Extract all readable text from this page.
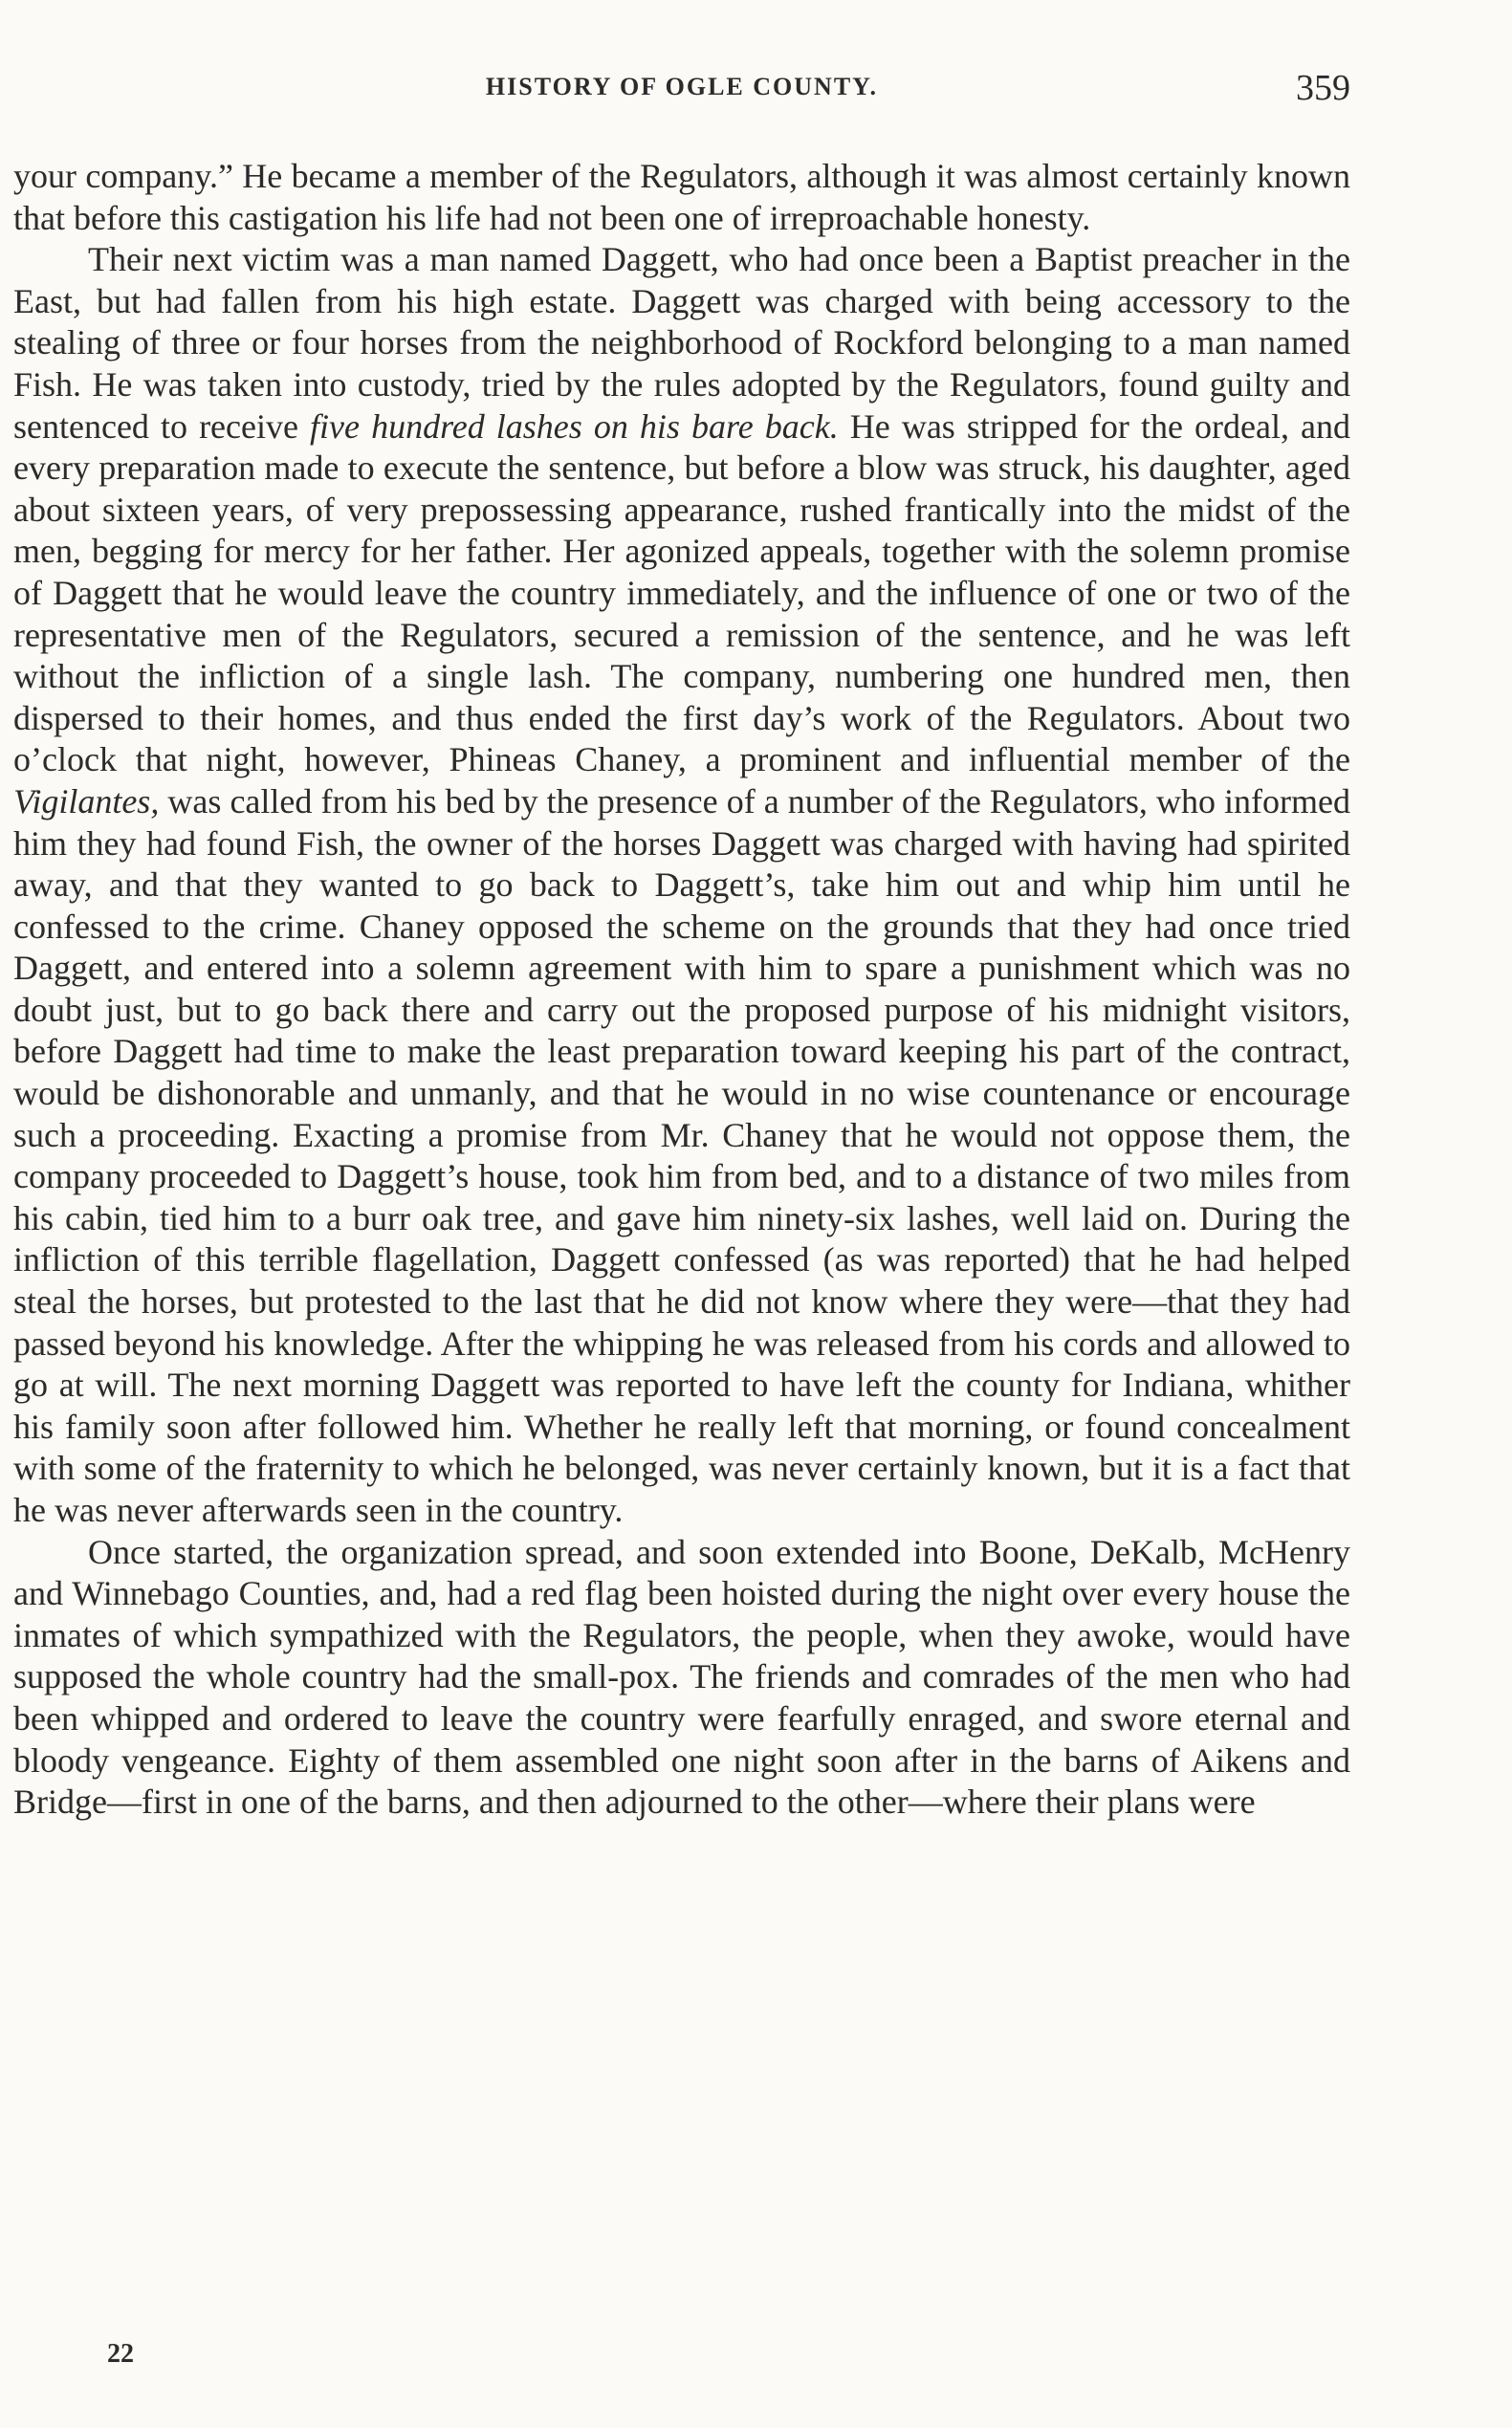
HISTORY OF OGLE COUNTY.	359

your company.” He became a member of the Regulators, although it was almost certainly known that before this castigation his life had not been one of irreproachable honesty.

Their next victim was a man named Daggett, who had once been a Baptist preacher in the East, but had fallen from his high estate. Daggett was charged with being accessory to the stealing of three or four horses from the neighborhood of Rockford belonging to a man named Fish. He was taken into custody, tried by the rules adopted by the Regulators, found guilty and sentenced to receive five hundred lashes on his bare back. He was stripped for the ordeal, and every preparation made to execute the sentence, but before a blow was struck, his daughter, aged about sixteen years, of very prepossessing appearance, rushed frantically into the midst of the men, begging for mercy for her father. Her agonized appeals, together with the solemn promise of Daggett that he would leave the country immediately, and the influence of one or two of the representative men of the Regulators, secured a remission of the sentence, and he was left without the infliction of a single lash. The company, numbering one hundred men, then dispersed to their homes, and thus ended the first day’s work of the Regulators. About two o’clock that night, however, Phineas Chaney, a prominent and influential member of the Vigilantes, was called from his bed by the presence of a number of the Regulators, who informed him they had found Fish, the owner of the horses Daggett was charged with having had spirited away, and that they wanted to go back to Daggett’s, take him out and whip him until he confessed to the crime. Chaney opposed the scheme on the grounds that they had once tried Daggett, and entered into a solemn agreement with him to spare a punishment which was no doubt just, but to go back there and carry out the proposed purpose of his midnight visitors, before Daggett had time to make the least preparation toward keeping his part of the contract, would be dishonorable and unmanly, and that he would in no wise countenance or encourage such a proceeding. Exacting a promise from Mr. Chaney that he would not oppose them, the company proceeded to Daggett’s house, took him from bed, and to a distance of two miles from his cabin, tied him to a burr oak tree, and gave him ninety-six lashes, well laid on. During the infliction of this terrible flagellation, Daggett confessed (as was reported) that he had helped steal the horses, but protested to the last that he did not know where they were—that they had passed beyond his knowledge. After the whipping he was released from his cords and allowed to go at will. The next morning Daggett was reported to have left the county for Indiana, whither his family soon after followed him. Whether he really left that morning, or found concealment with some of the fraternity to which he belonged, was never certainly known, but it is a fact that he was never afterwards seen in the country.

Once started, the organization spread, and soon extended into Boone, DeKalb, McHenry and Winnebago Counties, and, had a red flag been hoisted during the night over every house the inmates of which sympathized with the Regulators, the people, when they awoke, would have supposed the whole country had the small-pox. The friends and comrades of the men who had been whipped and ordered to leave the country were fearfully enraged, and swore eternal and bloody vengeance. Eighty of them assembled one night soon after in the barns of Aikens and Bridge—first in one of the barns, and then adjourned to the other—where their plans were

22
